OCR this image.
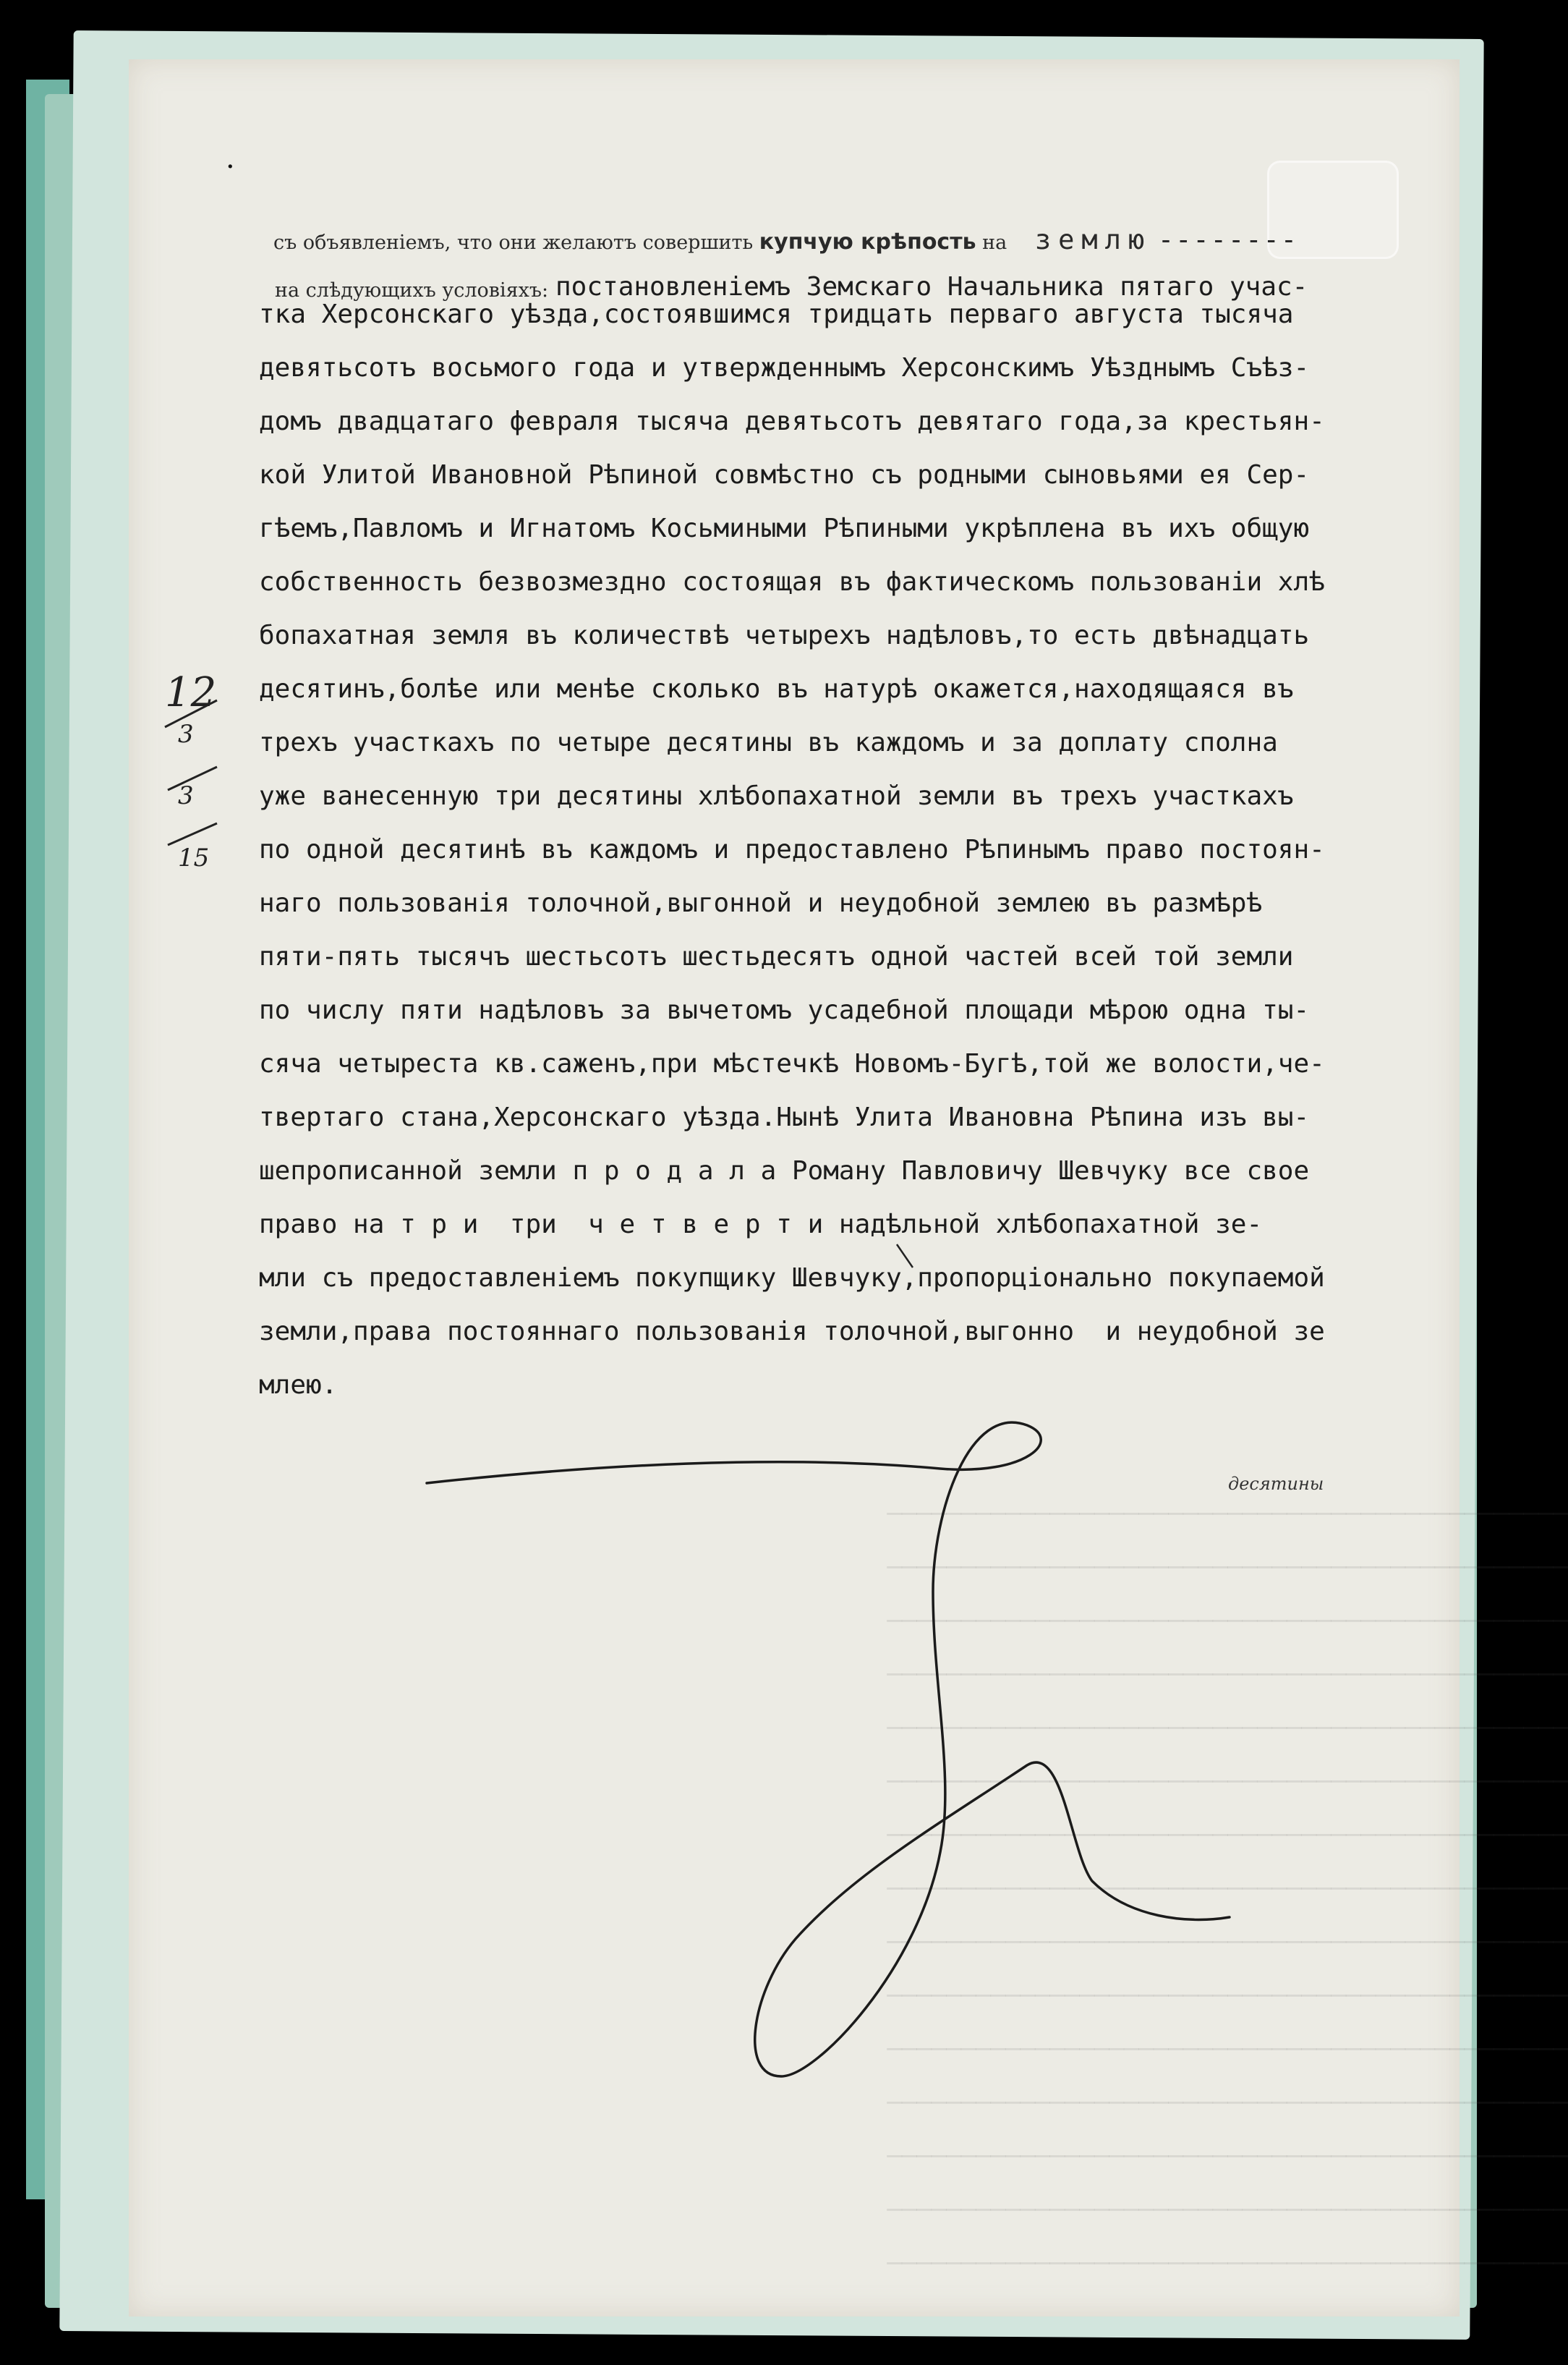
──────────────────────────────────────────────
──────────────────────────────────────────────
──────────────────────────────────────────────
──────────────────────────────────────────────
──────────────────────────────────────────────
──────────────────────────────────────────────
──────────────────────────────────────────────
──────────────────────────────────────────────
──────────────────────────────────────────────
──────────────────────────────────────────────
──────────────────────────────────────────────
──────────────────────────────────────────────
──────────────────────────────────────────────
──────────────────────────────────────────────
──────────────────────────────────────────────

·
съ объявленіемъ, что они желаютъ совершить купчую крѣпость на землю --------
на слѣдующихъ условіяхъ: постановленіемъ Земскаго Начальника пятаго учас-
тка Херсонскаго уѣзда,состоявшимся тридцать перваго августа тысяча
девятьсотъ восьмого года и утвержденнымъ Херсонскимъ Уѣзднымъ Съѣз-
домъ двадцатаго февраля тысяча девятьсотъ девятаго года,за крестьян-
кой Улитой Ивановной Рѣпиной совмѣстно съ родными сыновьями ея Сер-
гѣемъ,Павломъ и Игнатомъ Косьмиными Рѣпиными укрѣплена въ ихъ общую
собственность безвозмездно состоящая въ фактическомъ пользованіи хлѣ
бопахатная земля въ количествѣ четырехъ надѣловъ,то есть двѣнадцать
десятинъ,болѣе или менѣе сколько въ натурѣ окажется,находящаяся въ
трехъ участкахъ по четыре десятины въ каждомъ и за доплату сполна
уже ванесенную три десятины хлѣбопахатной земли въ трехъ участкахъ
по одной десятинѣ въ каждомъ и предоставлено Рѣпинымъ право постоян-
наго пользованія толочной,выгонной и неудобной землею въ размѣрѣ
пяти-пять тысячъ шестьсотъ шестьдесятъ одной частей всей той земли
по числу пяти надѣловъ за вычетомъ усадебной площади мѣрою одна ты-
сяча четыреста кв.саженъ,при мѣстечкѣ Новомъ-Бугѣ,той же волости,че-
твертаго стана,Херсонскаго уѣзда.Нынѣ Улита Ивановна Рѣпина изъ вы-
шепрописанной земли п р о д а л а Роману Павловичу Шевчуку все свое
право на т р и  три  ч е т в е р т и надѣльной хлѣбопахатной зе-
мли съ предоставленіемъ покупщику Шевчуку,пропорціонально покупаемой
земли,права постояннаго пользованія толочной,выгонно  и неудобной зе
млею.
десятины
12
3
3
15
